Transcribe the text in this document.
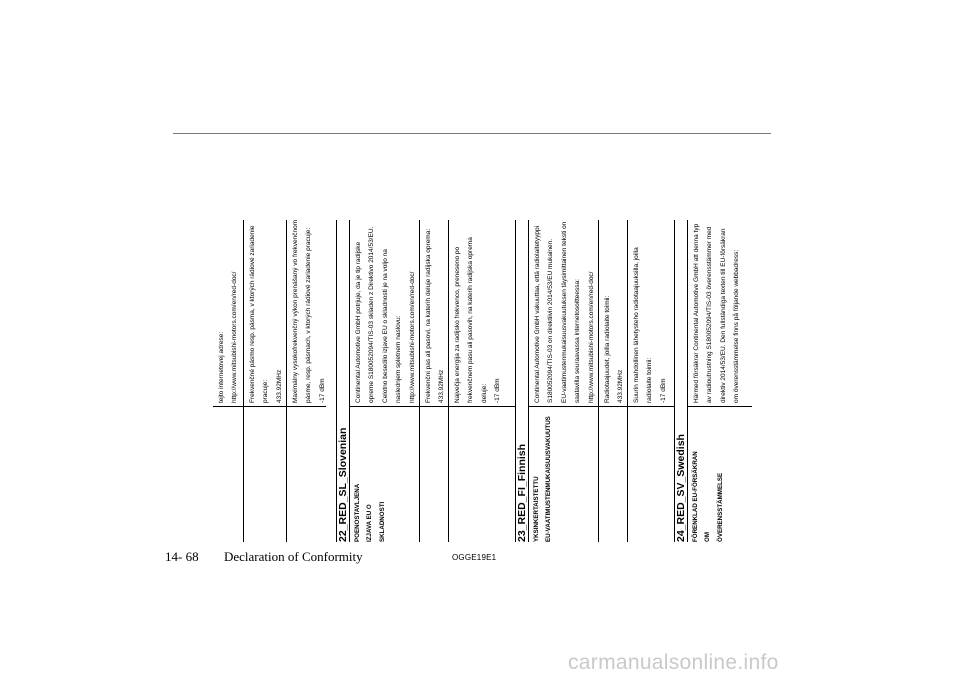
tejto internetovej adrese: http://www.mitsubishi-motors.com/en/red-doc/	Frekvenčné pásmo resp. pásma, v ktorých rádiové zariadenie pracuje: 433.92MHz	Maximálny vysokofrekvenčný výkon prenášaný vo frekvenčnom pásme, resp. pásmach, v ktorých rádiové zariadenie pracuje: -17 dBm

22_RED_SL_Slovenian POENOSTAVLJENA
IZJAVA EU O
SKLADNOSTI

Continental Automotive GmbH potrjuje, da je tip radijske opreme S180052094/TIS-03 skladen z Direktivo 2014/53/EU. Celotno besedilo izjave EU o skladnosti je na voljo na naslednjem spletnem naslovu: http://www.mitsubishi-motors.com/en/red-doc/	Frekvenčni pas ali pasovi, na katerih deluje radijska oprema: 433.92MHz	Največja energija za radijsko frekvenco, preneseno po frekvenčnem pasu ali pasovih, na katerih radijska oprema deluje: -17 dBm

23_RED_FI_Finnish YKSINKERTAISTETTU
EU-VAATIMUSTENMUKAISUUSVAKUUTUS

Continental Automotive GmbH vakuuttaa, että radiolaitetyyppi S180052094/TIS-03 on direktiivin 2014/53/EU mukainen. EU-vaatimustenmukaisuusvakuutuksen täysimittainen teksti on saatavilla seuraavassa internetosoitteessa: http://www.mitsubishi-motors.com/en/red-doc/	Radiotaajuudet, joilla radiolaite toimii: 433.92MHz	Suurin mahdollinen lähetysteho radiotaajuuksilla, joilla radiolaite toimii: -17 dBm

24_RED_SV_Swedish FÖRENKLAD EU-FÖRSÄKRAN
OM
ÖVERENSSTÄMMELSE

Härmed försäkrar Continental Automotive GmbH att denna typ av radioutrustning S180052094/TIS-03 överensstämmer med direktiv 2014/53/EU. Den fullständiga texten till EU-försäkran om överensstämmelse finns på följande webbadress:

14- 68 Declaration of Conformity	OGGE19E1
carmanualsonline.info
